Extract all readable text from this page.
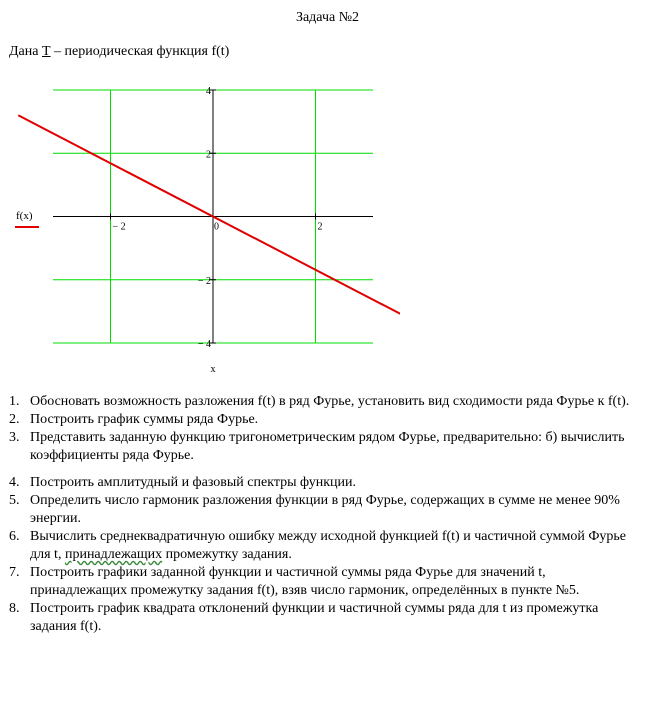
Задача №2
Дана Т – периодическая функция f(t)
− 2	0	2
4
2
− 2
− 4
x
f(x)
1. Обосновать возможность разложения f(t) в ряд Фурье, установить вид сходимости ряда Фурье к f(t).
2. Построить график суммы ряда Фурье.
3. Представить заданную функцию тригонометрическим рядом Фурье, предварительно: б) вычислить коэффициенты ряда Фурье.
4. Построить амплитудный и фазовый спектры функции.
5. Определить число гармоник разложения функции в ряд Фурье, содержащих в сумме не менее 90% энергии.
6. Вычислить среднеквадратичную ошибку между исходной функцией f(t) и частичной суммой Фурье для t, принадлежащих промежутку задания.
7. Построить графики заданной функции и частичной суммы ряда Фурье для значений t, принадлежащих промежутку задания f(t), взяв число гармоник, определённых в пункте №5.
8. Построить график квадрата отклонений функции и частичной суммы ряда для t из промежутка задания f(t).
